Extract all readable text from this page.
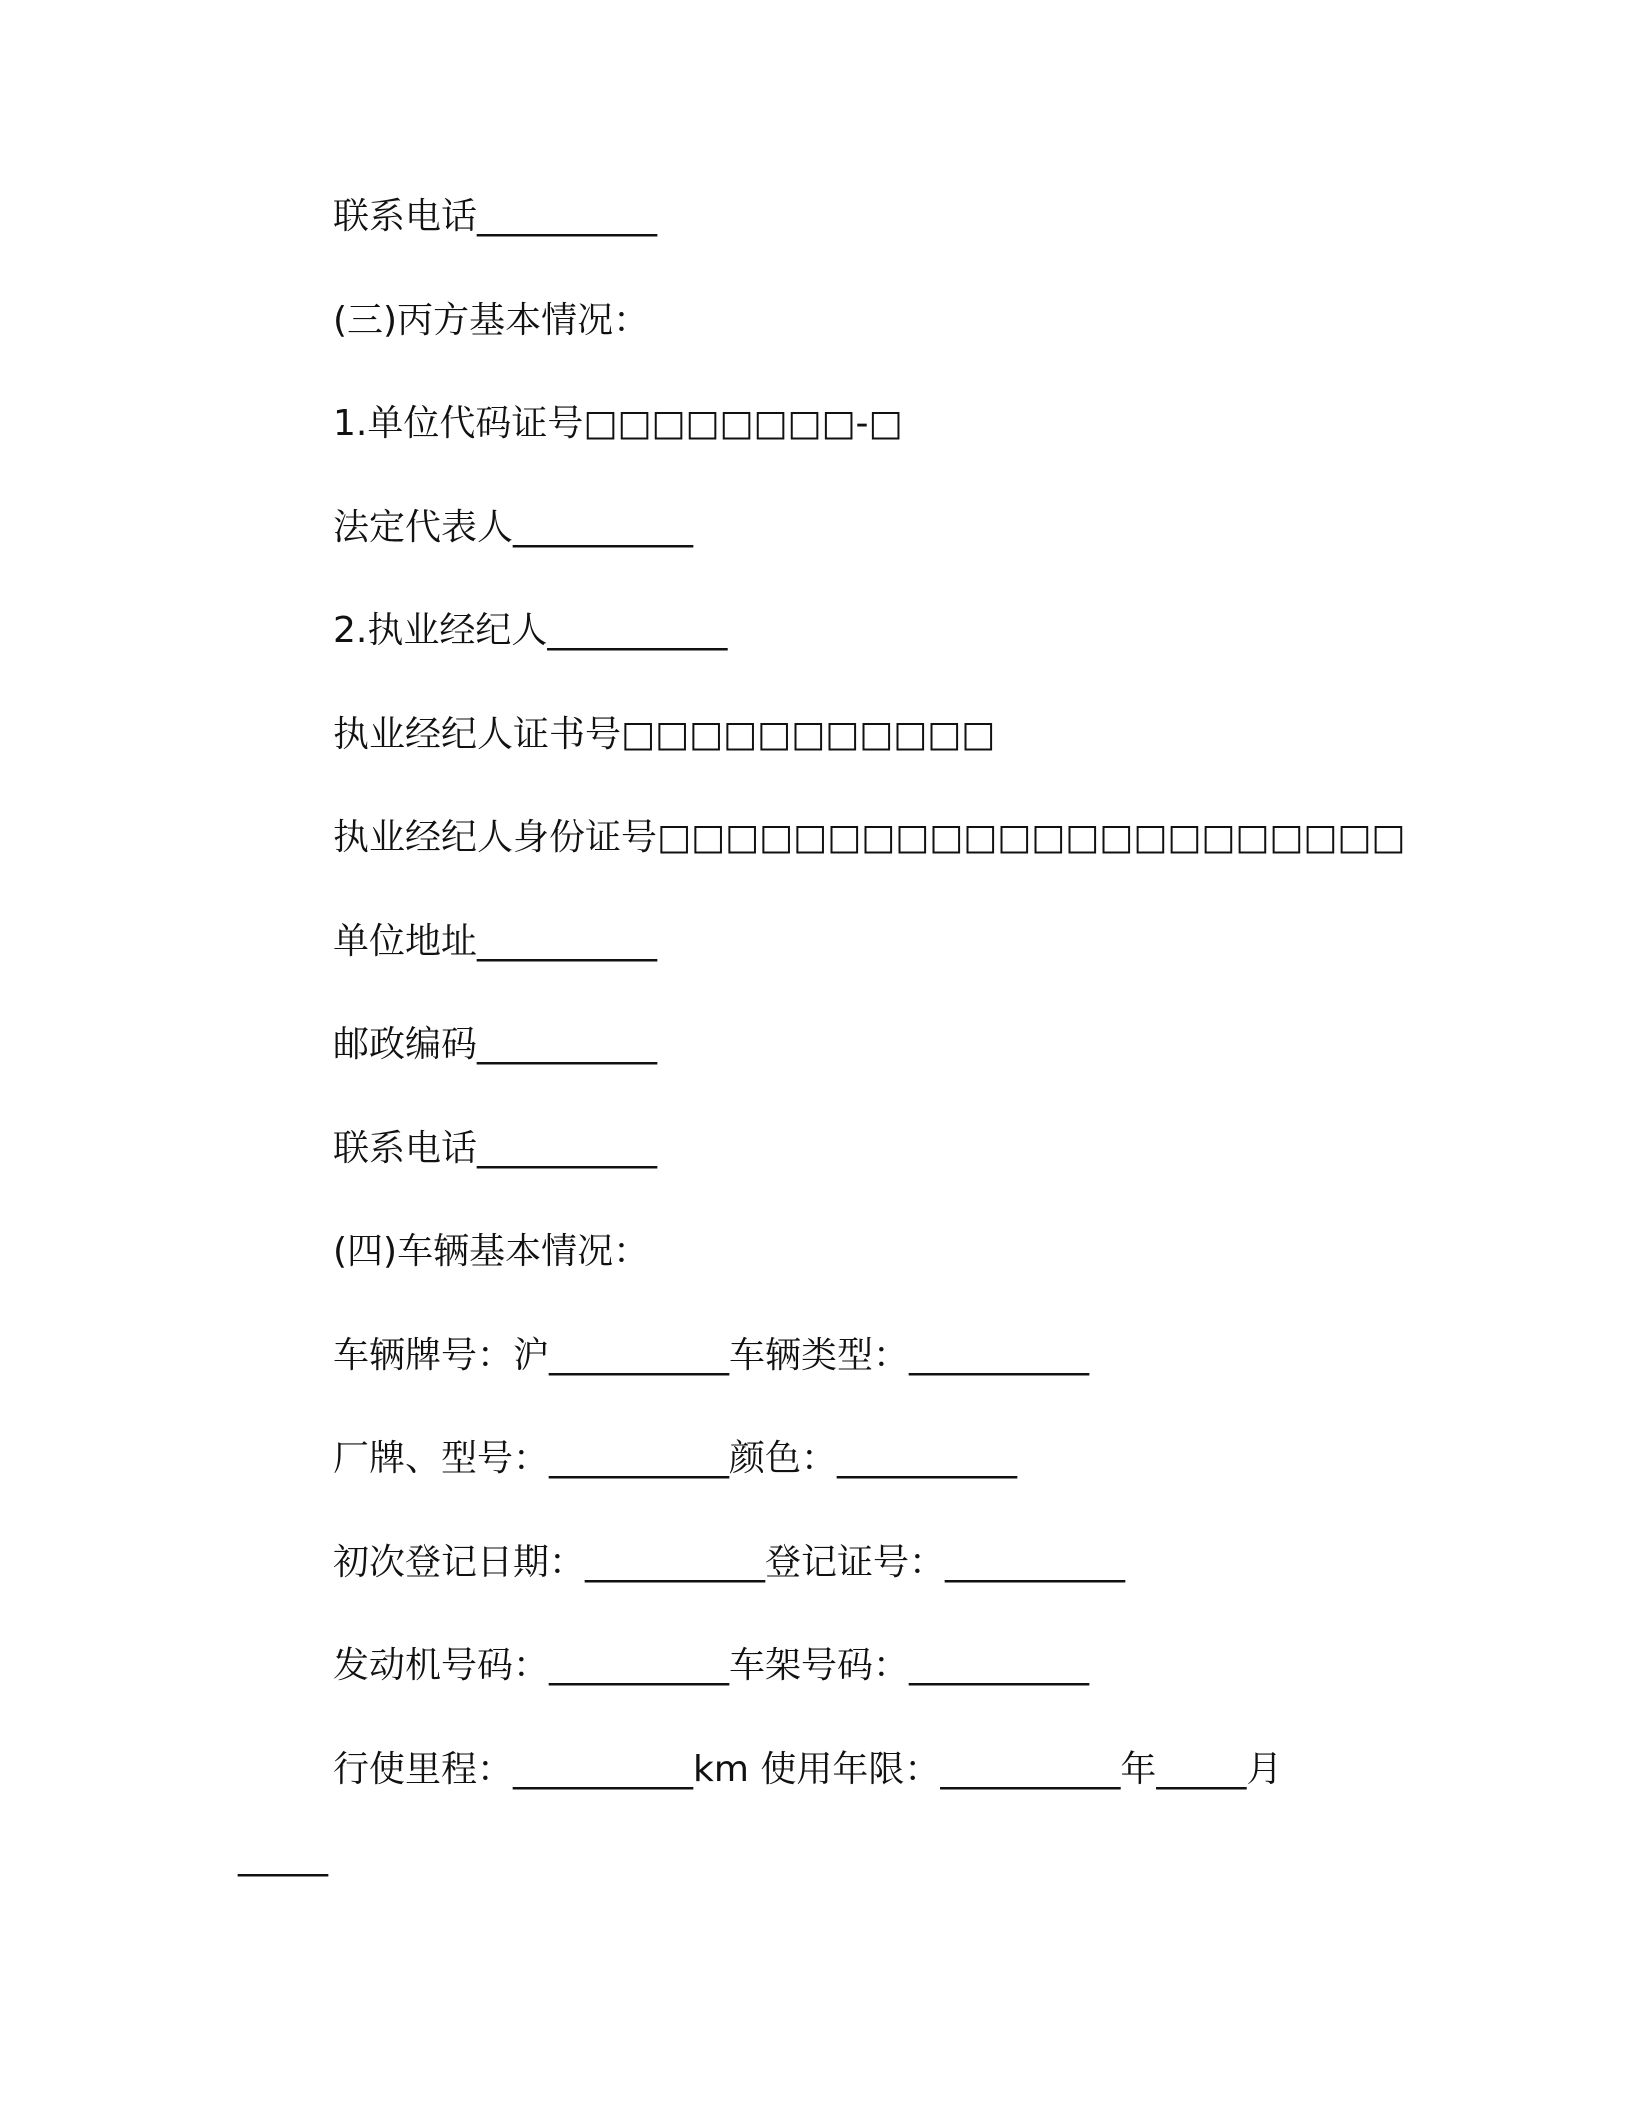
联系电话__________
(三)丙方基本情况：
1.单位代码证号□□□□□□□□-□
法定代表人__________
2.执业经纪人__________
执业经纪人证书号□□□□□□□□□□□
执业经纪人身份证号□□□□□□□□□□□□□□□□□□□□□□
单位地址__________
邮政编码__________
联系电话__________
(四)车辆基本情况：
车辆牌号：沪__________车辆类型：__________
厂牌、型号：__________颜色：__________
初次登记日期：__________登记证号：__________
发动机号码：__________车架号码：__________
行使里程：__________km 使用年限：__________年_____月
_____
